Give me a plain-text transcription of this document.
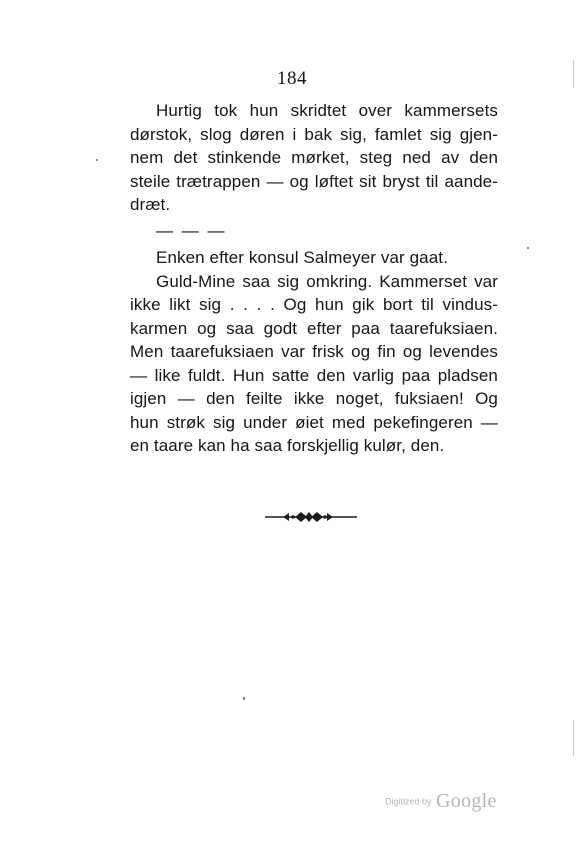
184
Hurtig tok hun skridtet over kammersets
dørstok, slog døren i bak sig, famlet sig gjen-
nem det stinkende mørket, steg ned av den
steile trætrappen — og løftet sit bryst til aande-
dræt.
— — —
Enken efter konsul Salmeyer var gaat.
Guld-Mine saa sig omkring. Kammerset var
ikke likt sig . . . . Og hun gik bort til vindus-
karmen og saa godt efter paa taarefuksiaen.
Men taarefuksiaen var frisk og fin og levendes
— like fuldt. Hun satte den varlig paa pladsen
igjen — den feilte ikke noget, fuksiaen! Og
hun strøk sig under øiet med pekefingeren —
en taare kan ha saa forskjellig kulør, den.
Digitized by Google
